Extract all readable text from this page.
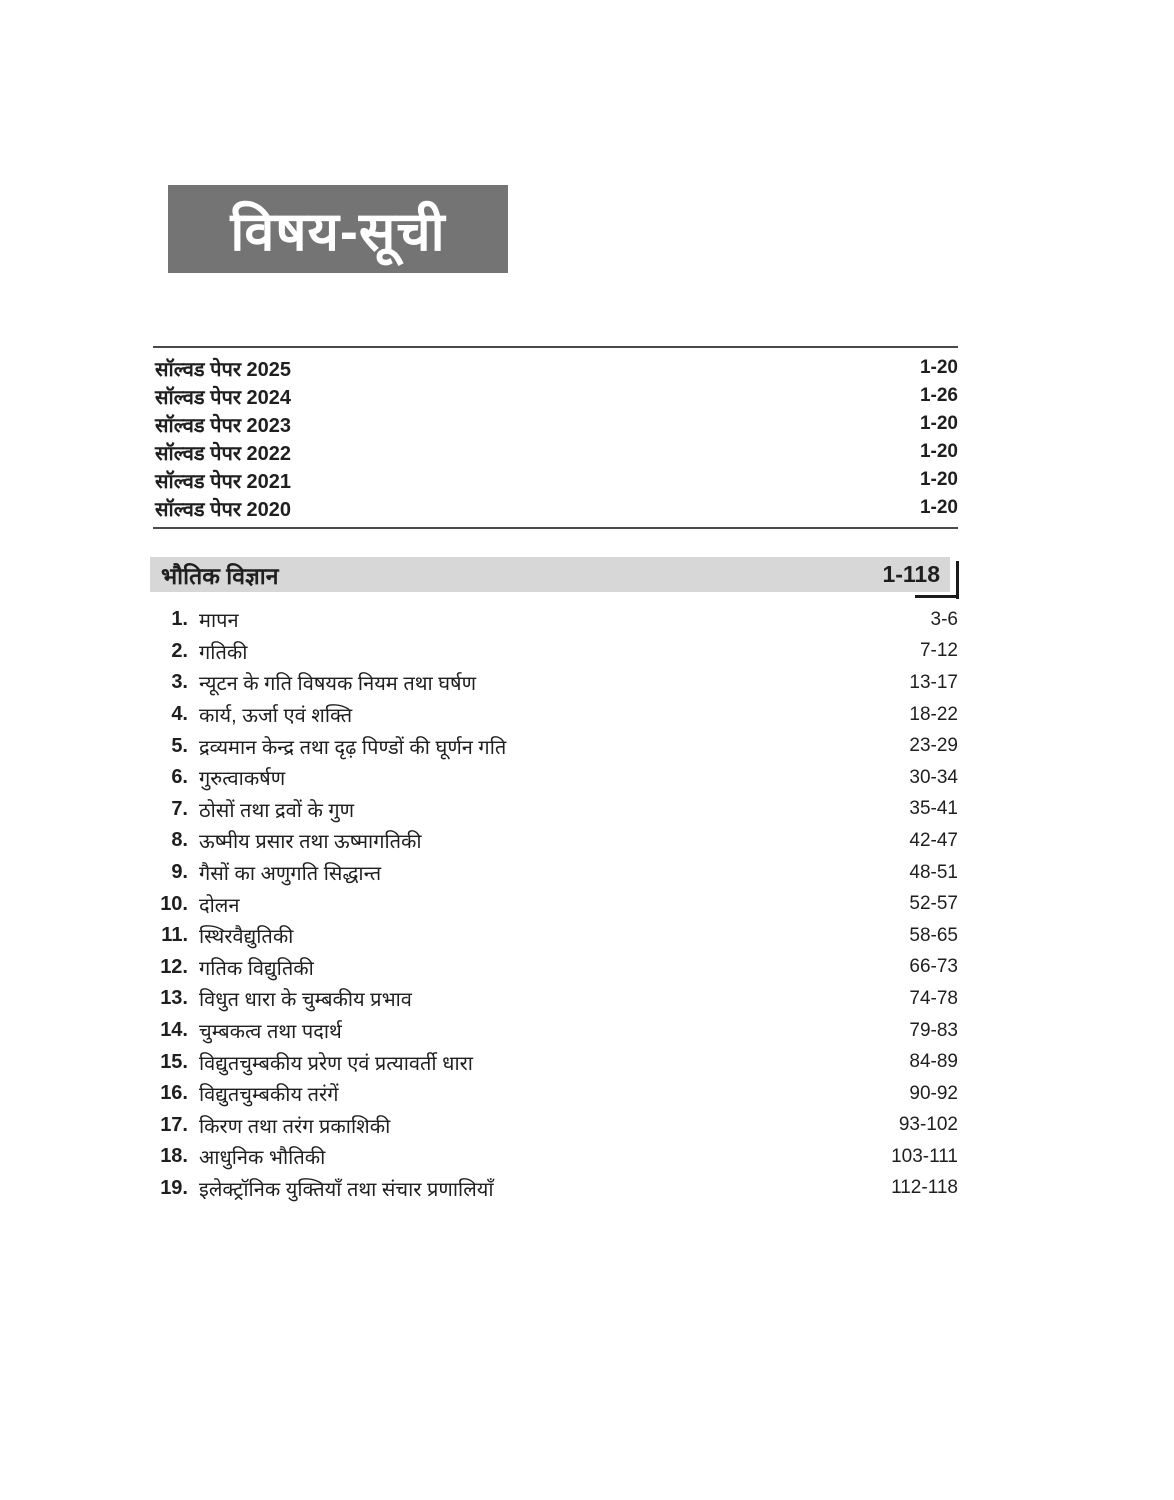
विषय-सूची
सॉल्वड पेपर 2025	1-20
सॉल्वड पेपर 2024	1-26
सॉल्वड पेपर 2023	1-20
सॉल्वड पेपर 2022	1-20
सॉल्वड पेपर 2021	1-20
सॉल्वड पेपर 2020	1-20
भौतिक विज्ञान	1-118
1. मापन	3-6
2. गतिकी	7-12
3. न्यूटन के गति विषयक नियम तथा घर्षण	13-17
4. कार्य, ऊर्जा एवं शक्ति	18-22
5. द्रव्यमान केन्द्र तथा दृढ़ पिण्डों की घूर्णन गति	23-29
6. गुरुत्वाकर्षण	30-34
7. ठोसों तथा द्रवों के गुण	35-41
8. ऊष्मीय प्रसार तथा ऊष्मागतिकी	42-47
9. गैसों का अणुगति सिद्धान्त	48-51
10. दोलन	52-57
11. स्थिरवैद्युतिकी	58-65
12. गतिक विद्युतिकी	66-73
13. विधुत धारा के चुम्बकीय प्रभाव	74-78
14. चुम्बकत्व तथा पदार्थ	79-83
15. विद्युतचुम्बकीय प्ररेण एवं प्रत्यावर्ती धारा	84-89
16. विद्युतचुम्बकीय तरंगें	90-92
17. किरण तथा तरंग प्रकाशिकी	93-102
18. आधुनिक भौतिकी	103-111
19. इलेक्ट्रॉनिक युक्तियाँ तथा संचार प्रणालियाँ	112-118
